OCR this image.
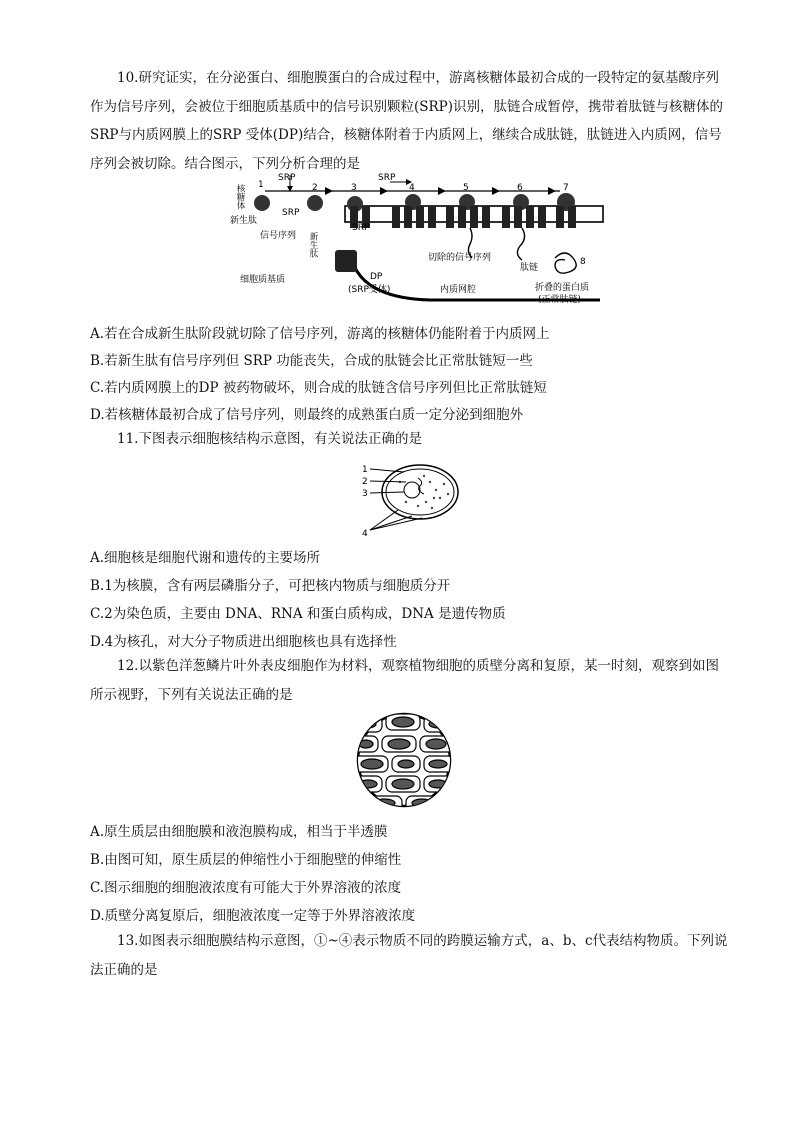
10.研究证实，在分泌蛋白、细胞膜蛋白的合成过程中，游离核糖体最初合成的一段特定的氨基酸序列作为信号序列，会被位于细胞质基质中的信号识别颗粒(SRP)识别，肽链合成暂停，携带着肽链与核糖体的SRP与内质网膜上的SRP 受体(DP)结合，核糖体附着于内质网上，继续合成肽链，肽链进入内质网，信号序列会被切除。结合图示，下列分析合理的是

1	2	3	4	5	6	7
8
SRP
SRP
SRP
SRP
核糖体
新生肽
信号序列 新生肽
细胞质基质	DP
(SRP受体)	内质网腔
切除的信号序列
肽链
折叠的蛋白质
(正常肽链)
A.若在合成新生肽阶段就切除了信号序列，游离的核糖体仍能附着于内质网上
B.若新生肽有信号序列但 SRP 功能丧失，合成的肽链会比正常肽链短一些
C.若内质网膜上的DP 被药物破坏，则合成的肽链含信号序列但比正常肽链短
D.若核糖体最初合成了信号序列，则最终的成熟蛋白质一定分泌到细胞外

11.下图表示细胞核结构示意图，有关说法正确的是

1
2
3
4
A.细胞核是细胞代谢和遗传的主要场所
B.1为核膜，含有两层磷脂分子，可把核内物质与细胞质分开
C.2为染色质，主要由 DNA、RNA 和蛋白质构成，DNA 是遗传物质
D.4为核孔，对大分子物质进出细胞核也具有选择性

12.以紫色洋葱鳞片叶外表皮细胞作为材料，观察植物细胞的质壁分离和复原，某一时刻，观察到如图所示视野，下列有关说法正确的是

A.原生质层由细胞膜和液泡膜构成，相当于半透膜
B.由图可知，原生质层的伸缩性小于细胞壁的伸缩性
C.图示细胞的细胞液浓度有可能大于外界溶液的浓度
D.质壁分离复原后，细胞液浓度一定等于外界溶液浓度

13.如图表示细胞膜结构示意图，①~④表示物质不同的跨膜运输方式，a、b、c代表结构物质。下列说法正确的是
